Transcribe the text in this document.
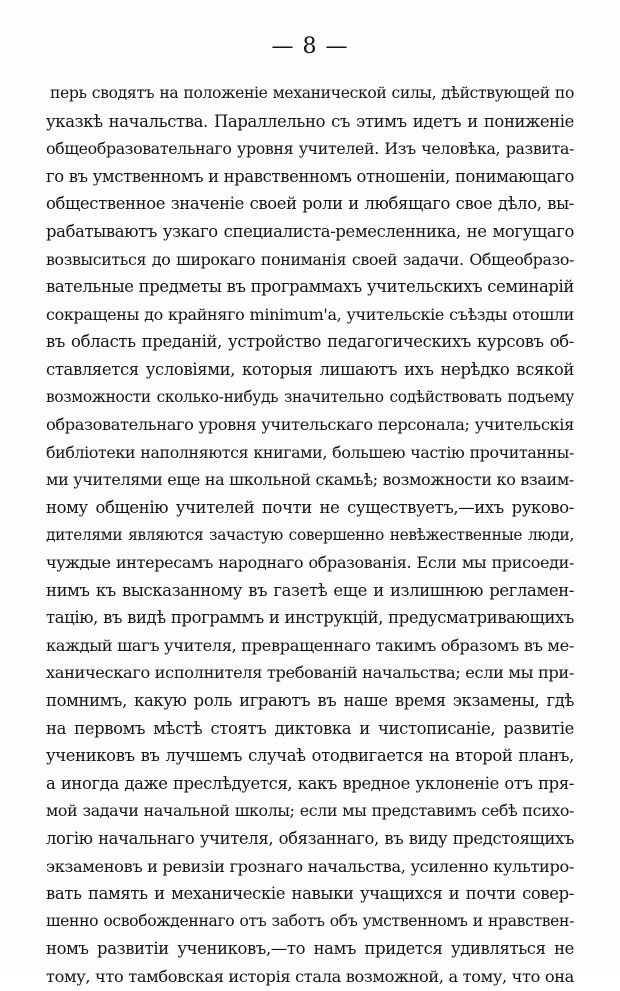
— 8 —
перь сводятъ на положеніе механической силы, дѣйствующей по
указкѣ начальства. Параллельно съ этимъ идетъ и пониженіе
общеобразовательнаго уровня учителей. Изъ человѣка, развита-
го въ умственномъ и нравственномъ отношеніи, понимающаго
общественное значеніе своей роли и любящаго свое дѣло, вы-
рабатываютъ узкаго специалиста-ремесленника, не могущаго
возвыситься до широкаго пониманія своей задачи. Общеобразо-
вательные предметы въ программахъ учительскихъ семинарій
сокращены до крайняго minimum'а, учительскіе съѣзды отошли
въ область преданій, устройство педагогическихъ курсовъ об-
ставляется условіями, которыя лишаютъ ихъ нерѣдко всякой
возможности сколько-нибудь значительно содѣйствовать подъему
образовательнаго уровня учительскаго персонала; учительскія
библіотеки наполняются книгами, большею частію прочитанны-
ми учителями еще на школьной скамьѣ; возможности ко взаим-
ному общенію учителей почти не существуетъ,—ихъ руково-
дителями являются зачастую совершенно невѣжественные люди,
чуждые интересамъ народнаго образованія. Если мы присоеди-
нимъ къ высказанному въ газетѣ еще и излишнюю регламен-
тацію, въ видѣ программъ и инструкцій, предусматривающихъ
каждый шагъ учителя, превращеннаго такимъ образомъ въ ме-
ханическаго исполнителя требованій начальства; если мы при-
помнимъ, какую роль играютъ въ наше время экзамены, гдѣ
на первомъ мѣстѣ стоятъ диктовка и чистописаніе, развитіе
учениковъ въ лучшемъ случаѣ отодвигается на второй планъ,
а иногда даже преслѣдуется, какъ вредное уклоненіе отъ пря-
мой задачи начальной школы; если мы представимъ себѣ психо-
логію начальнаго учителя, обязаннаго, въ виду предстоящихъ
экзаменовъ и ревизіи грознаго начальства, усиленно культиро-
вать память и механическіе навыки учащихся и почти совер-
шенно освобожденнаго отъ заботъ объ умственномъ и нравствен-
номъ развитіи учениковъ,—то намъ придется удивляться не
тому, что тамбовская исторія стала возможной, а тому, что она
